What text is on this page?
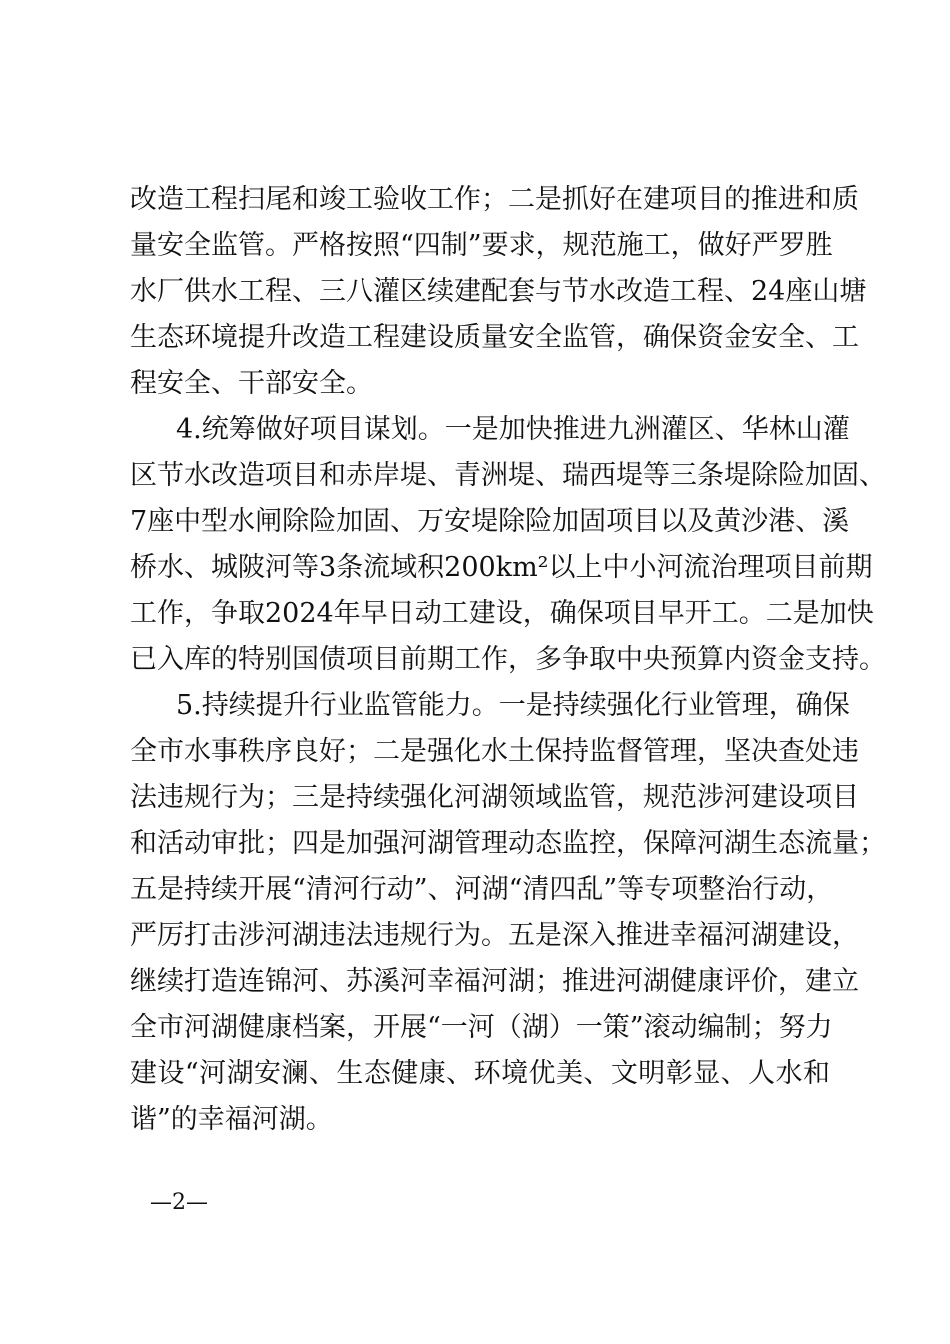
改造工程扫尾和竣工验收工作；二是抓好在建项目的推进和质
量安全监管。严格按照“四制”要求，规范施工，做好严罗胜
水厂供水工程、三八灌区续建配套与节水改造工程、24座山塘
生态环境提升改造工程建设质量安全监管，确保资金安全、工
程安全、干部安全。
4.统筹做好项目谋划。一是加快推进九洲灌区、华林山灌
区节水改造项目和赤岸堤、青洲堤、瑞西堤等三条堤除险加固、
7座中型水闸除险加固、万安堤除险加固项目以及黄沙港、溪
桥水、城陂河等3条流域积200km²以上中小河流治理项目前期
工作，争取2024年早日动工建设，确保项目早开工。二是加快
已入库的特别国债项目前期工作，多争取中央预算内资金支持。
5.持续提升行业监管能力。一是持续强化行业管理，确保
全市水事秩序良好；二是强化水土保持监督管理，坚决查处违
法违规行为；三是持续强化河湖领域监管，规范涉河建设项目
和活动审批；四是加强河湖管理动态监控，保障河湖生态流量；
五是持续开展“清河行动”、河湖“清四乱”等专项整治行动，
严厉打击涉河湖违法违规行为。五是深入推进幸福河湖建设，
继续打造连锦河、苏溪河幸福河湖；推进河湖健康评价，建立
全市河湖健康档案，开展“一河（湖）一策”滚动编制；努力
建设“河湖安澜、生态健康、环境优美、文明彰显、人水和
谐”的幸福河湖。
—2—
